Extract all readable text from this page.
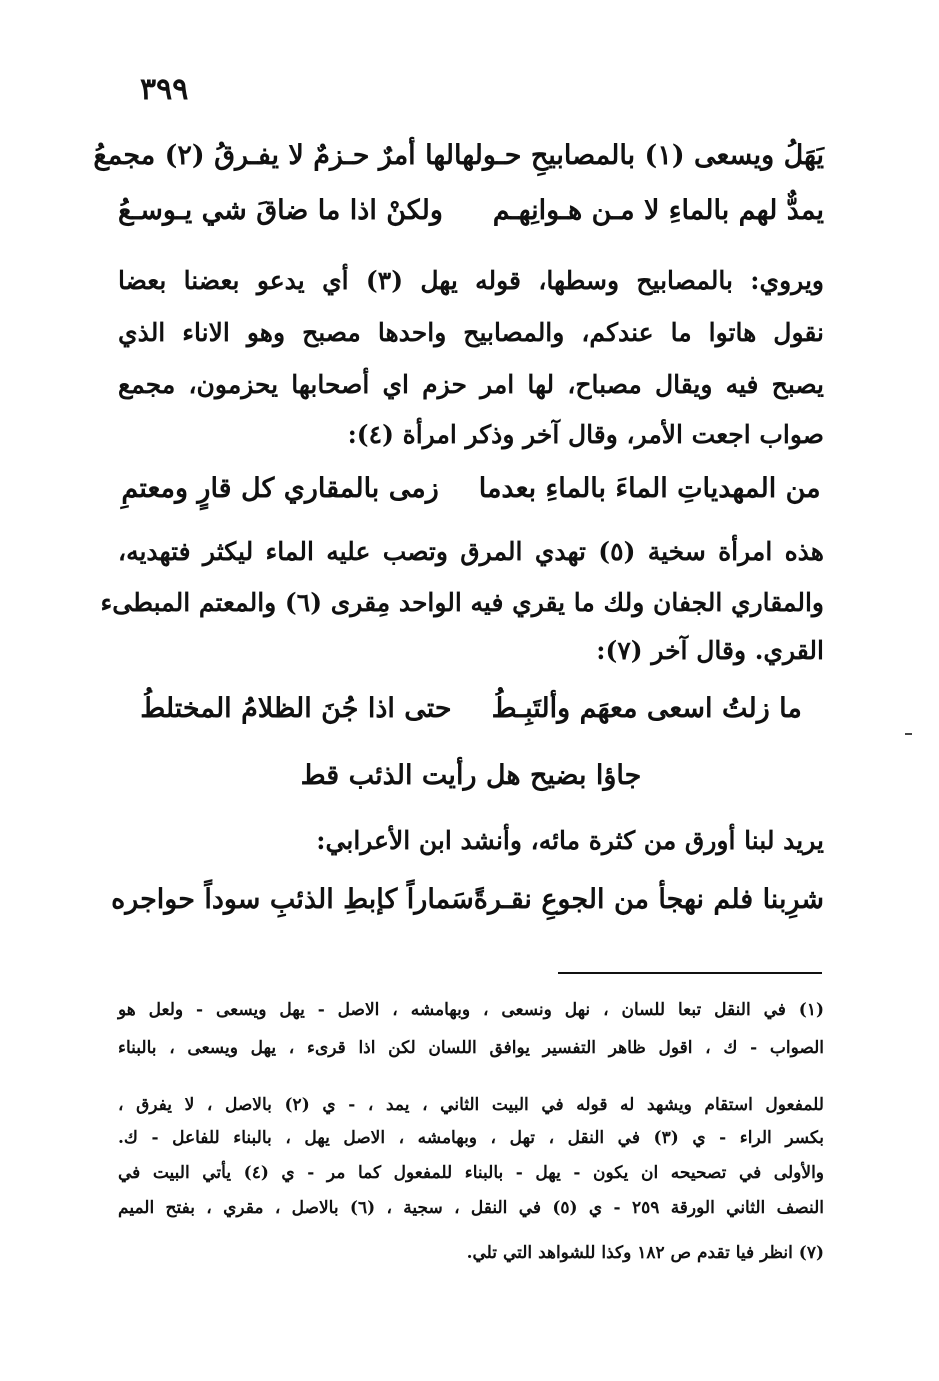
٣٩٩
يَهَلُ ويسعى (١) بالمصابيحِ حـولها
لها أمرٌ حـزمٌ لا يفـرقُ (٢) مجمعُ
يمدٌّ لهم بالماءِ لا مـن هـوانِهـم
ولكنْ اذا ما ضاقَ شي يـوسـعُ
ويروي: بالمصابيح وسطها، قوله يهل (٣) أي يدعو بعضنا بعضا
نقول هاتوا ما عندكم، والمصابيح واحدها مصبح وهو الاناء الذي
يصبح فيه ويقال مصباح، لها امر حزم اي أصحابها يحزمون، مجمع
صواب اجعت الأمر، وقال آخر وذكر امرأة (٤):
من المهدياتِ الماءَ بالماءِ بعدما
زمى بالمقاري كل قارٍ ومعتمِ
هذه امرأة سخية (٥) تهدي المرق وتصب عليه الماء ليكثر فتهديه،
والمقاري الجفان ولك ما يقري فيه الواحد مِقرى (٦) والمعتم المبطىء
القري. وقال آخر (٧):
ما زلتُ اسعى معهَم وألتَبِـطُ
حتى اذا جُنَ الظلامُ المختلطُ
جاؤا بضيح هل رأيت الذئب قط
يريد لبنا أورق من كثرة مائه، وأنشد ابن الأعرابي:
شرِبنا فلم نهجأ من الجوعِ نقـرةً
سَماراً كإبطِ الذئبِ سوداً حواجره
(١) في النقل تبعا للسان ، نهل ونسعى ، وبهامشه ، الاصل - يهل ويسعى - ولعل هو
الصواب - ك ، اقول ظاهر التفسير يوافق اللسان لكن اذا قرىء ، يهل ويسعى ، بالبناء
للمفعول استقام ويشهد له قوله في البيت الثاني ، يمد ، - ي (٢) بالاصل ، لا يفرق ،
بكسر الراء - ي (٣) في النقل ، تهل ، وبهامشه ، الاصل يهل ، بالبناء للفاعل - ك.
والأولى في تصحيحه ان يكون - يهل - بالبناء للمفعول كما مر - ي (٤) يأتي البيت في
النصف الثاني الورقة ٢٥٩ - ي (٥) في النقل ، سجية ، (٦) بالاصل ، مقري ، بفتح الميم
(٧) انظر فيا تقدم ص ١٨٢ وكذا للشواهد التي تلي.
